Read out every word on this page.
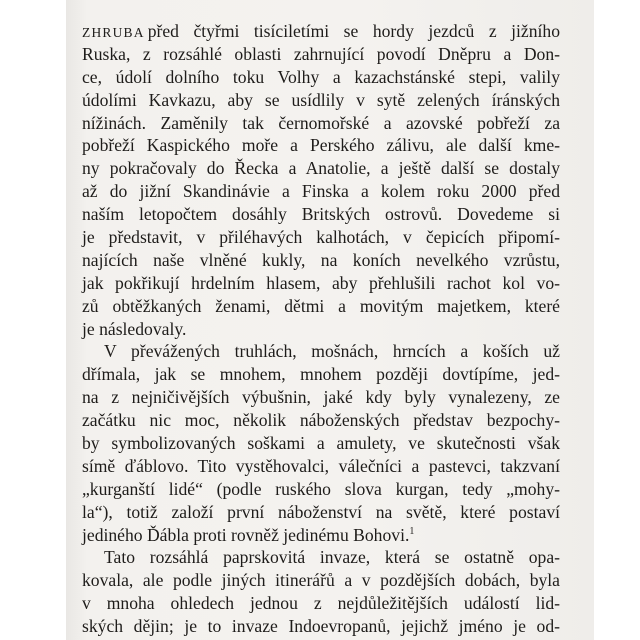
ZHRUBA před čtyřmi tisíciletími se hordy jezdců z jižního
Ruska, z rozsáhlé oblasti zahrnující povodí Dněpru a Don-
ce, údolí dolního toku Volhy a kazachstánské stepi, valily
údolími Kavkazu, aby se usídlily v sytě zelených íránských
nížinách. Zaměnily tak černomořské a azovské pobřeží za
pobřeží Kaspického moře a Perského zálivu, ale další kme-
ny pokračovaly do Řecka a Anatolie, a ještě další se dostaly
až do jižní Skandinávie a Finska a kolem roku 2000 před
naším letopočtem dosáhly Britských ostrovů. Dovedeme si
je představit, v přiléhavých kalhotách, v čepicích připomí-
najících naše vlněné kukly, na koních nevelkého vzrůstu,
jak pokřikují hrdelním hlasem, aby přehlušili rachot kol vo-
zů obtěžkaných ženami, dětmi a movitým majetkem, které
je následovaly.
V převážených truhlách, mošnách, hrncích a koších už
dřímala, jak se mnohem, mnohem později dovtípíme, jed-
na z nejničivějších výbušnin, jaké kdy byly vynalezeny, ze
začátku nic moc, několik náboženských představ bezpochy-
by symbolizovaných soškami a amulety, ve skutečnosti však
símě ďáblovo. Tito vystěhovalci, válečníci a pastevci, takzvaní
„kurganští lidé“ (podle ruského slova kurgan, tedy „mohy-
la“), totiž založí první náboženství na světě, které postaví
jediného Ďábla proti rovněž jedinému Bohovi.$^1$
Tato rozsáhlá paprskovitá invaze, která se ostatně opa-
kovala, ale podle jiných itinerářů a v pozdějších dobách, byla
v mnoha ohledech jednou z nejdůležitějších událostí lid-
ských dějin; je to invaze Indoevropanů, jejichž jméno je od-
